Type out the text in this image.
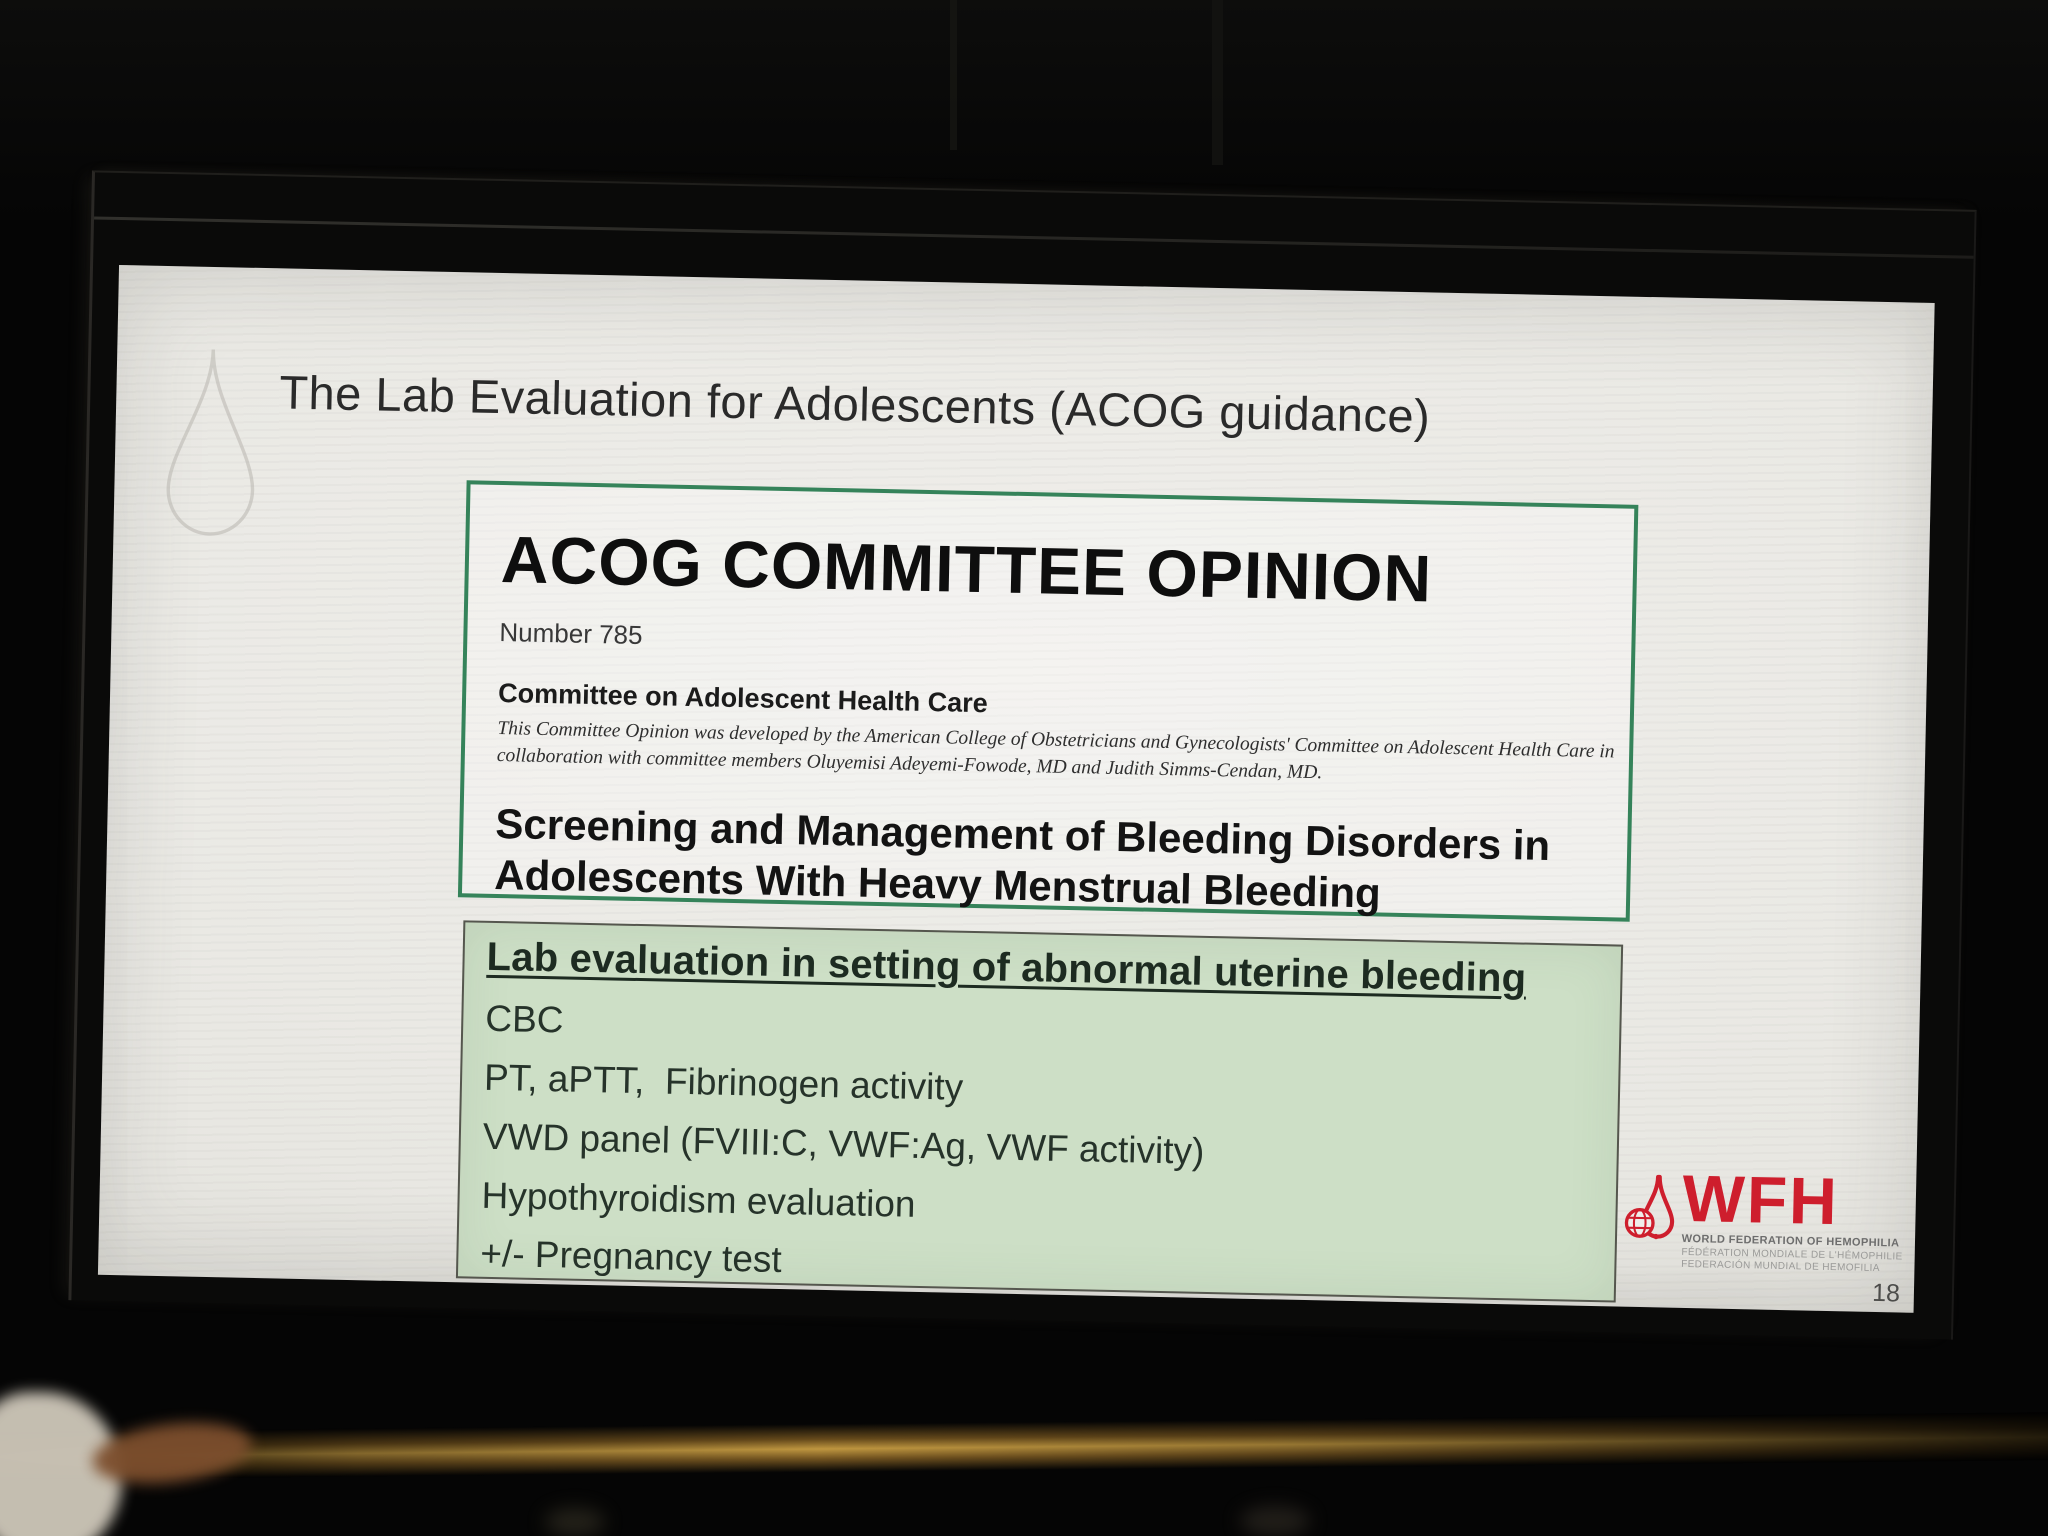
The Lab Evaluation for Adolescents (ACOG guidance)
ACOG COMMITTEE OPINION
Number 785
Committee on Adolescent Health Care
This Committee Opinion was developed by the American College of Obstetricians and Gynecologists' Committee on Adolescent Health Care in collaboration with committee members Oluyemisi Adeyemi-Fowode, MD and Judith Simms-Cendan, MD.
Screening and Management of Bleeding Disorders in Adolescents With Heavy Menstrual Bleeding
Lab evaluation in setting of abnormal uterine bleeding
CBC
PT, aPTT,  Fibrinogen activity
VWD panel (FVIII:C, VWF:Ag, VWF activity)
Hypothyroidism evaluation
+/- Pregnancy test
WFH
WORLD FEDERATION OF HEMOPHILIA
FÉDÉRATION MONDIALE DE L'HÉMOPHILIE
FEDERACIÓN MUNDIAL DE HEMOFILIA
18
